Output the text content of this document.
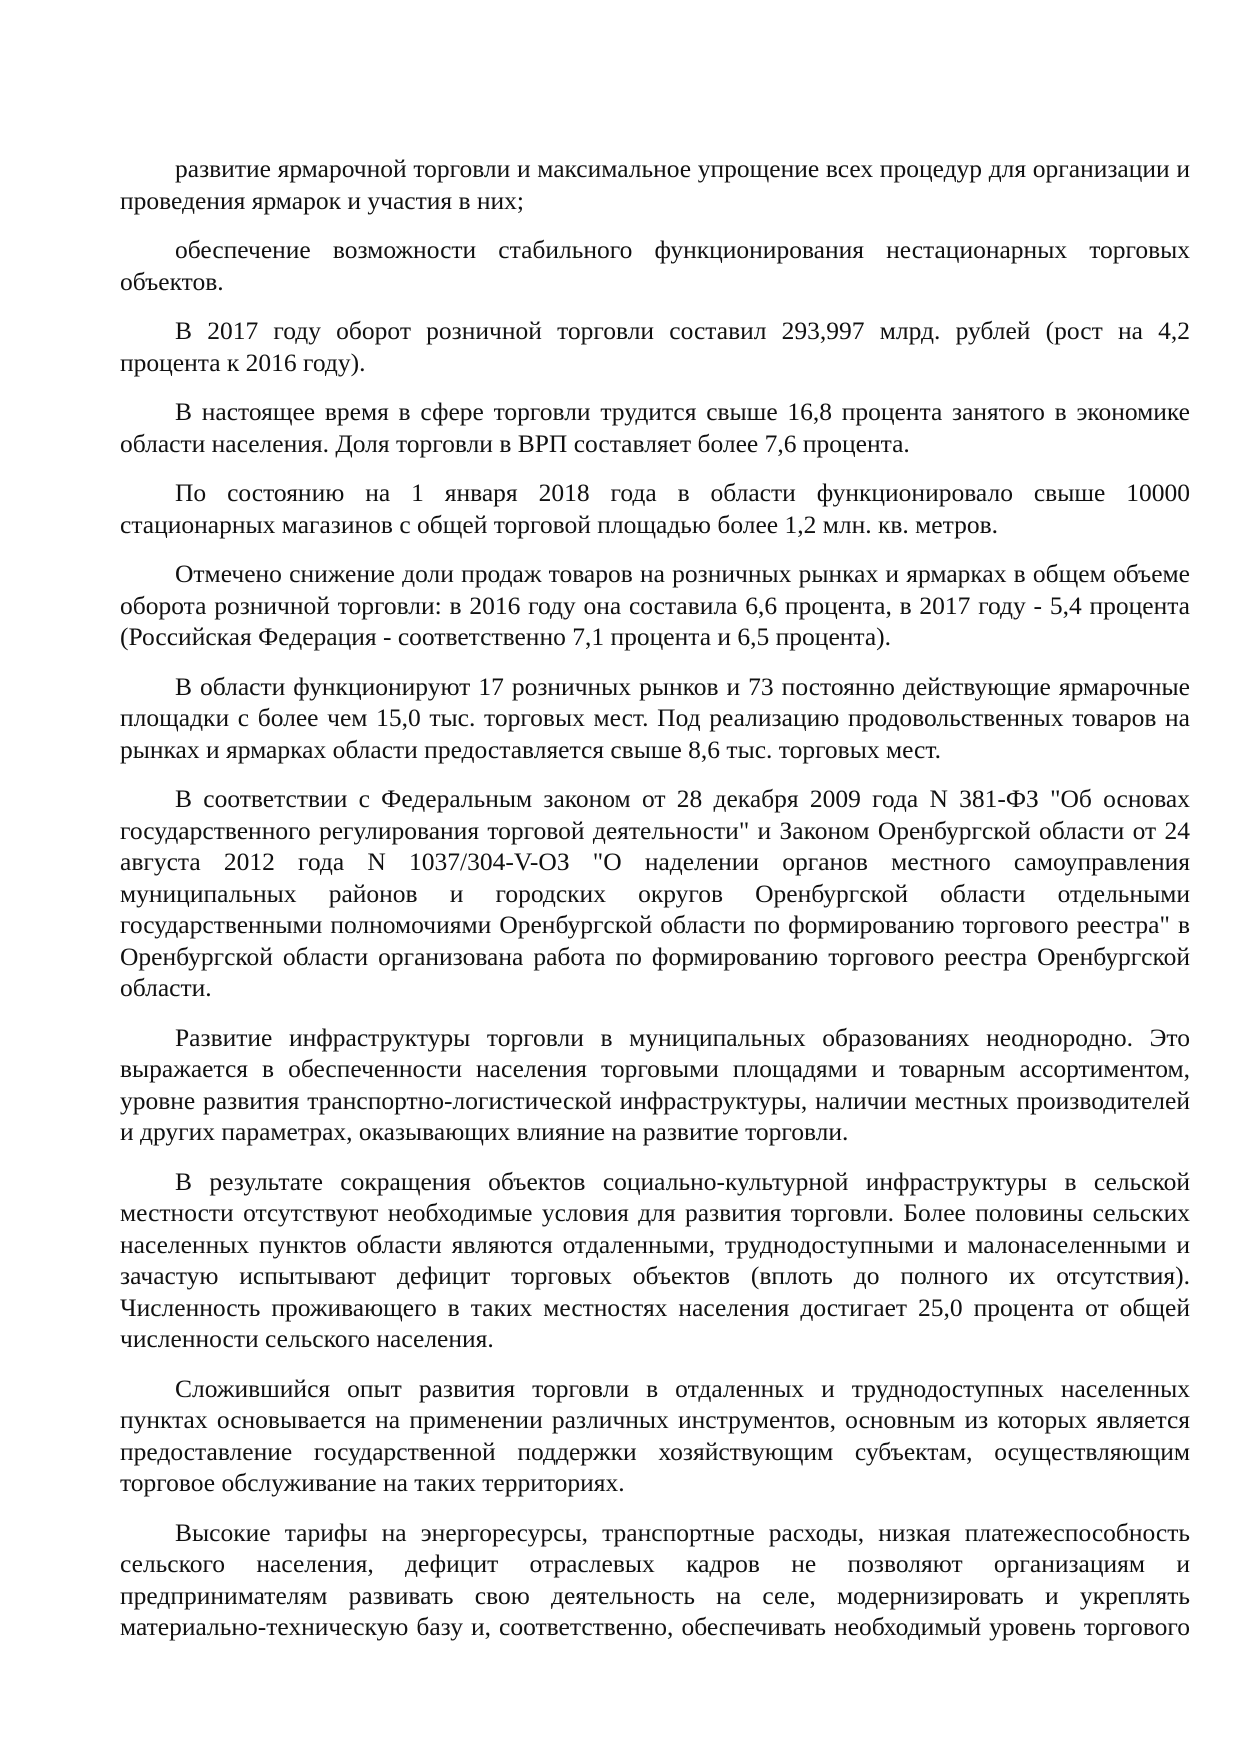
развитие ярмарочной торговли и максимальное упрощение всех процедур для организации и проведения ярмарок и участия в них;

обеспечение возможности стабильного функционирования нестационарных торговых объектов.

В 2017 году оборот розничной торговли составил 293,997 млрд. рублей (рост на 4,2 процента к 2016 году).

В настоящее время в сфере торговли трудится свыше 16,8 процента занятого в экономике области населения. Доля торговли в ВРП составляет более 7,6 процента.

По состоянию на 1 января 2018 года в области функционировало свыше 10000 стационарных магазинов с общей торговой площадью более 1,2 млн. кв. метров.

Отмечено снижение доли продаж товаров на розничных рынках и ярмарках в общем объеме оборота розничной торговли: в 2016 году она составила 6,6 процента, в 2017 году - 5,4 процента (Российская Федерация - соответственно 7,1 процента и 6,5 процента).

В области функционируют 17 розничных рынков и 73 постоянно действующие ярмарочные площадки с более чем 15,0 тыс. торговых мест. Под реализацию продовольственных товаров на рынках и ярмарках области предоставляется свыше 8,6 тыс. торговых мест.

В соответствии с Федеральным законом от 28 декабря 2009 года N 381-ФЗ "Об основах государственного регулирования торговой деятельности" и Законом Оренбургской области от 24 августа 2012 года N 1037/304-V-ОЗ "О наделении органов местного самоуправления муниципальных районов и городских округов Оренбургской области отдельными государственными полномочиями Оренбургской области по формированию торгового реестра" в Оренбургской области организована работа по формированию торгового реестра Оренбургской области.

Развитие инфраструктуры торговли в муниципальных образованиях неоднородно. Это выражается в обеспеченности населения торговыми площадями и товарным ассортиментом, уровне развития транспортно-логистической инфраструктуры, наличии местных производителей и других параметрах, оказывающих влияние на развитие торговли.

В результате сокращения объектов социально-культурной инфраструктуры в сельской местности отсутствуют необходимые условия для развития торговли. Более половины сельских населенных пунктов области являются отдаленными, труднодоступными и малонаселенными и зачастую испытывают дефицит торговых объектов (вплоть до полного их отсутствия). Численность проживающего в таких местностях населения достигает 25,0 процента от общей численности сельского населения.

Сложившийся опыт развития торговли в отдаленных и труднодоступных населенных пунктах основывается на применении различных инструментов, основным из которых является предоставление государственной поддержки хозяйствующим субъектам, осуществляющим торговое обслуживание на таких территориях.

Высокие тарифы на энергоресурсы, транспортные расходы, низкая платежеспособность сельского населения, дефицит отраслевых кадров не позволяют организациям и предпринимателям развивать свою деятельность на селе, модернизировать и укреплять материально-техническую базу и, соответственно, обеспечивать необходимый уровень торгового
